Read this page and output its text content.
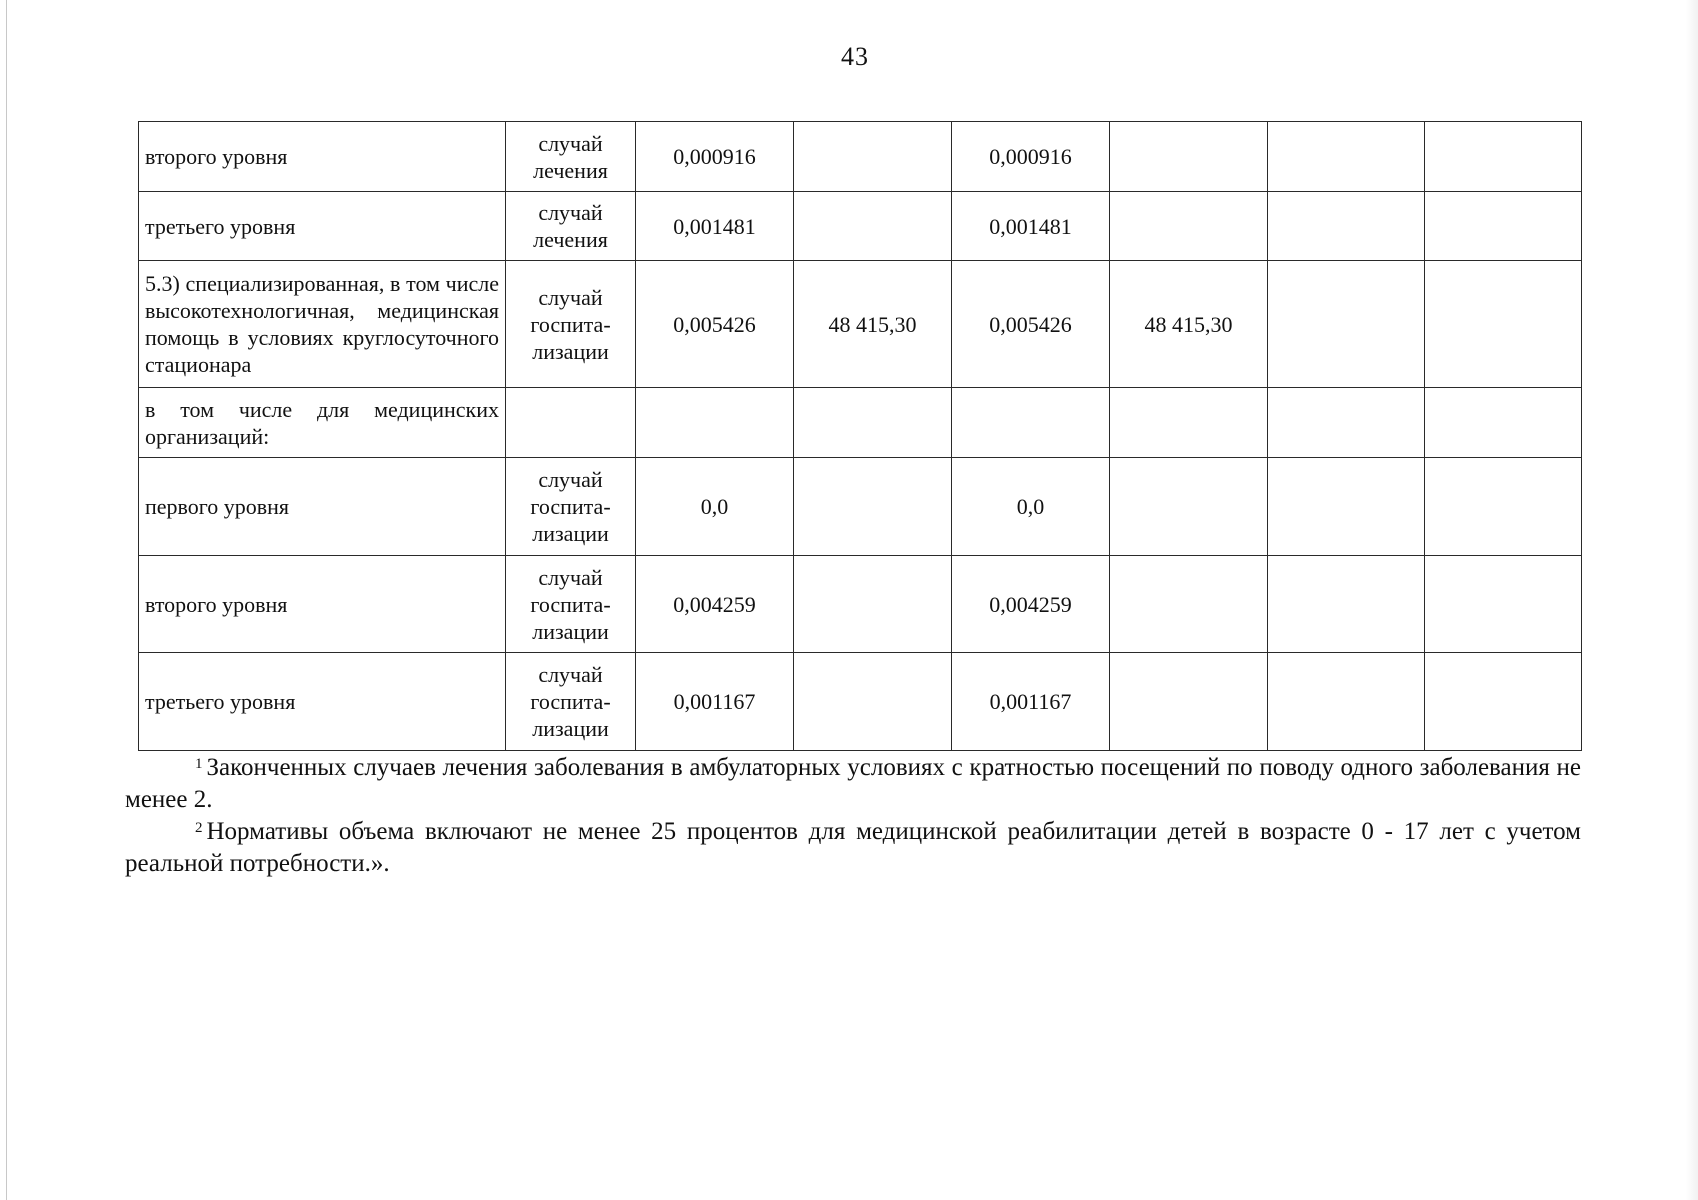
43
второго уровня	случай
лечения	0,000916		0,000916			
третьего уровня	случай
лечения	0,001481		0,001481			
5.3) специализированная, в том числе высокотехнологичная, медицинская помощь в условиях круглосуточного стационара	случай
госпита-
лизации	0,005426	48 415,30	0,005426	48 415,30		
в том числе для медицинских организаций:							
первого уровня	случай
госпита-
лизации	0,0		0,0			
второго уровня	случай
госпита-
лизации	0,004259		0,004259			
третьего уровня	случай
госпита-
лизации	0,001167		0,001167			

$^1$ Законченных случаев лечения заболевания в амбулаторных условиях с кратностью посещений по поводу одного заболевания не менее 2.

$^2$ Нормативы объема включают не менее 25 процентов для медицинской реабилитации детей в возрасте 0 - 17 лет с учетом реальной потребности.».
